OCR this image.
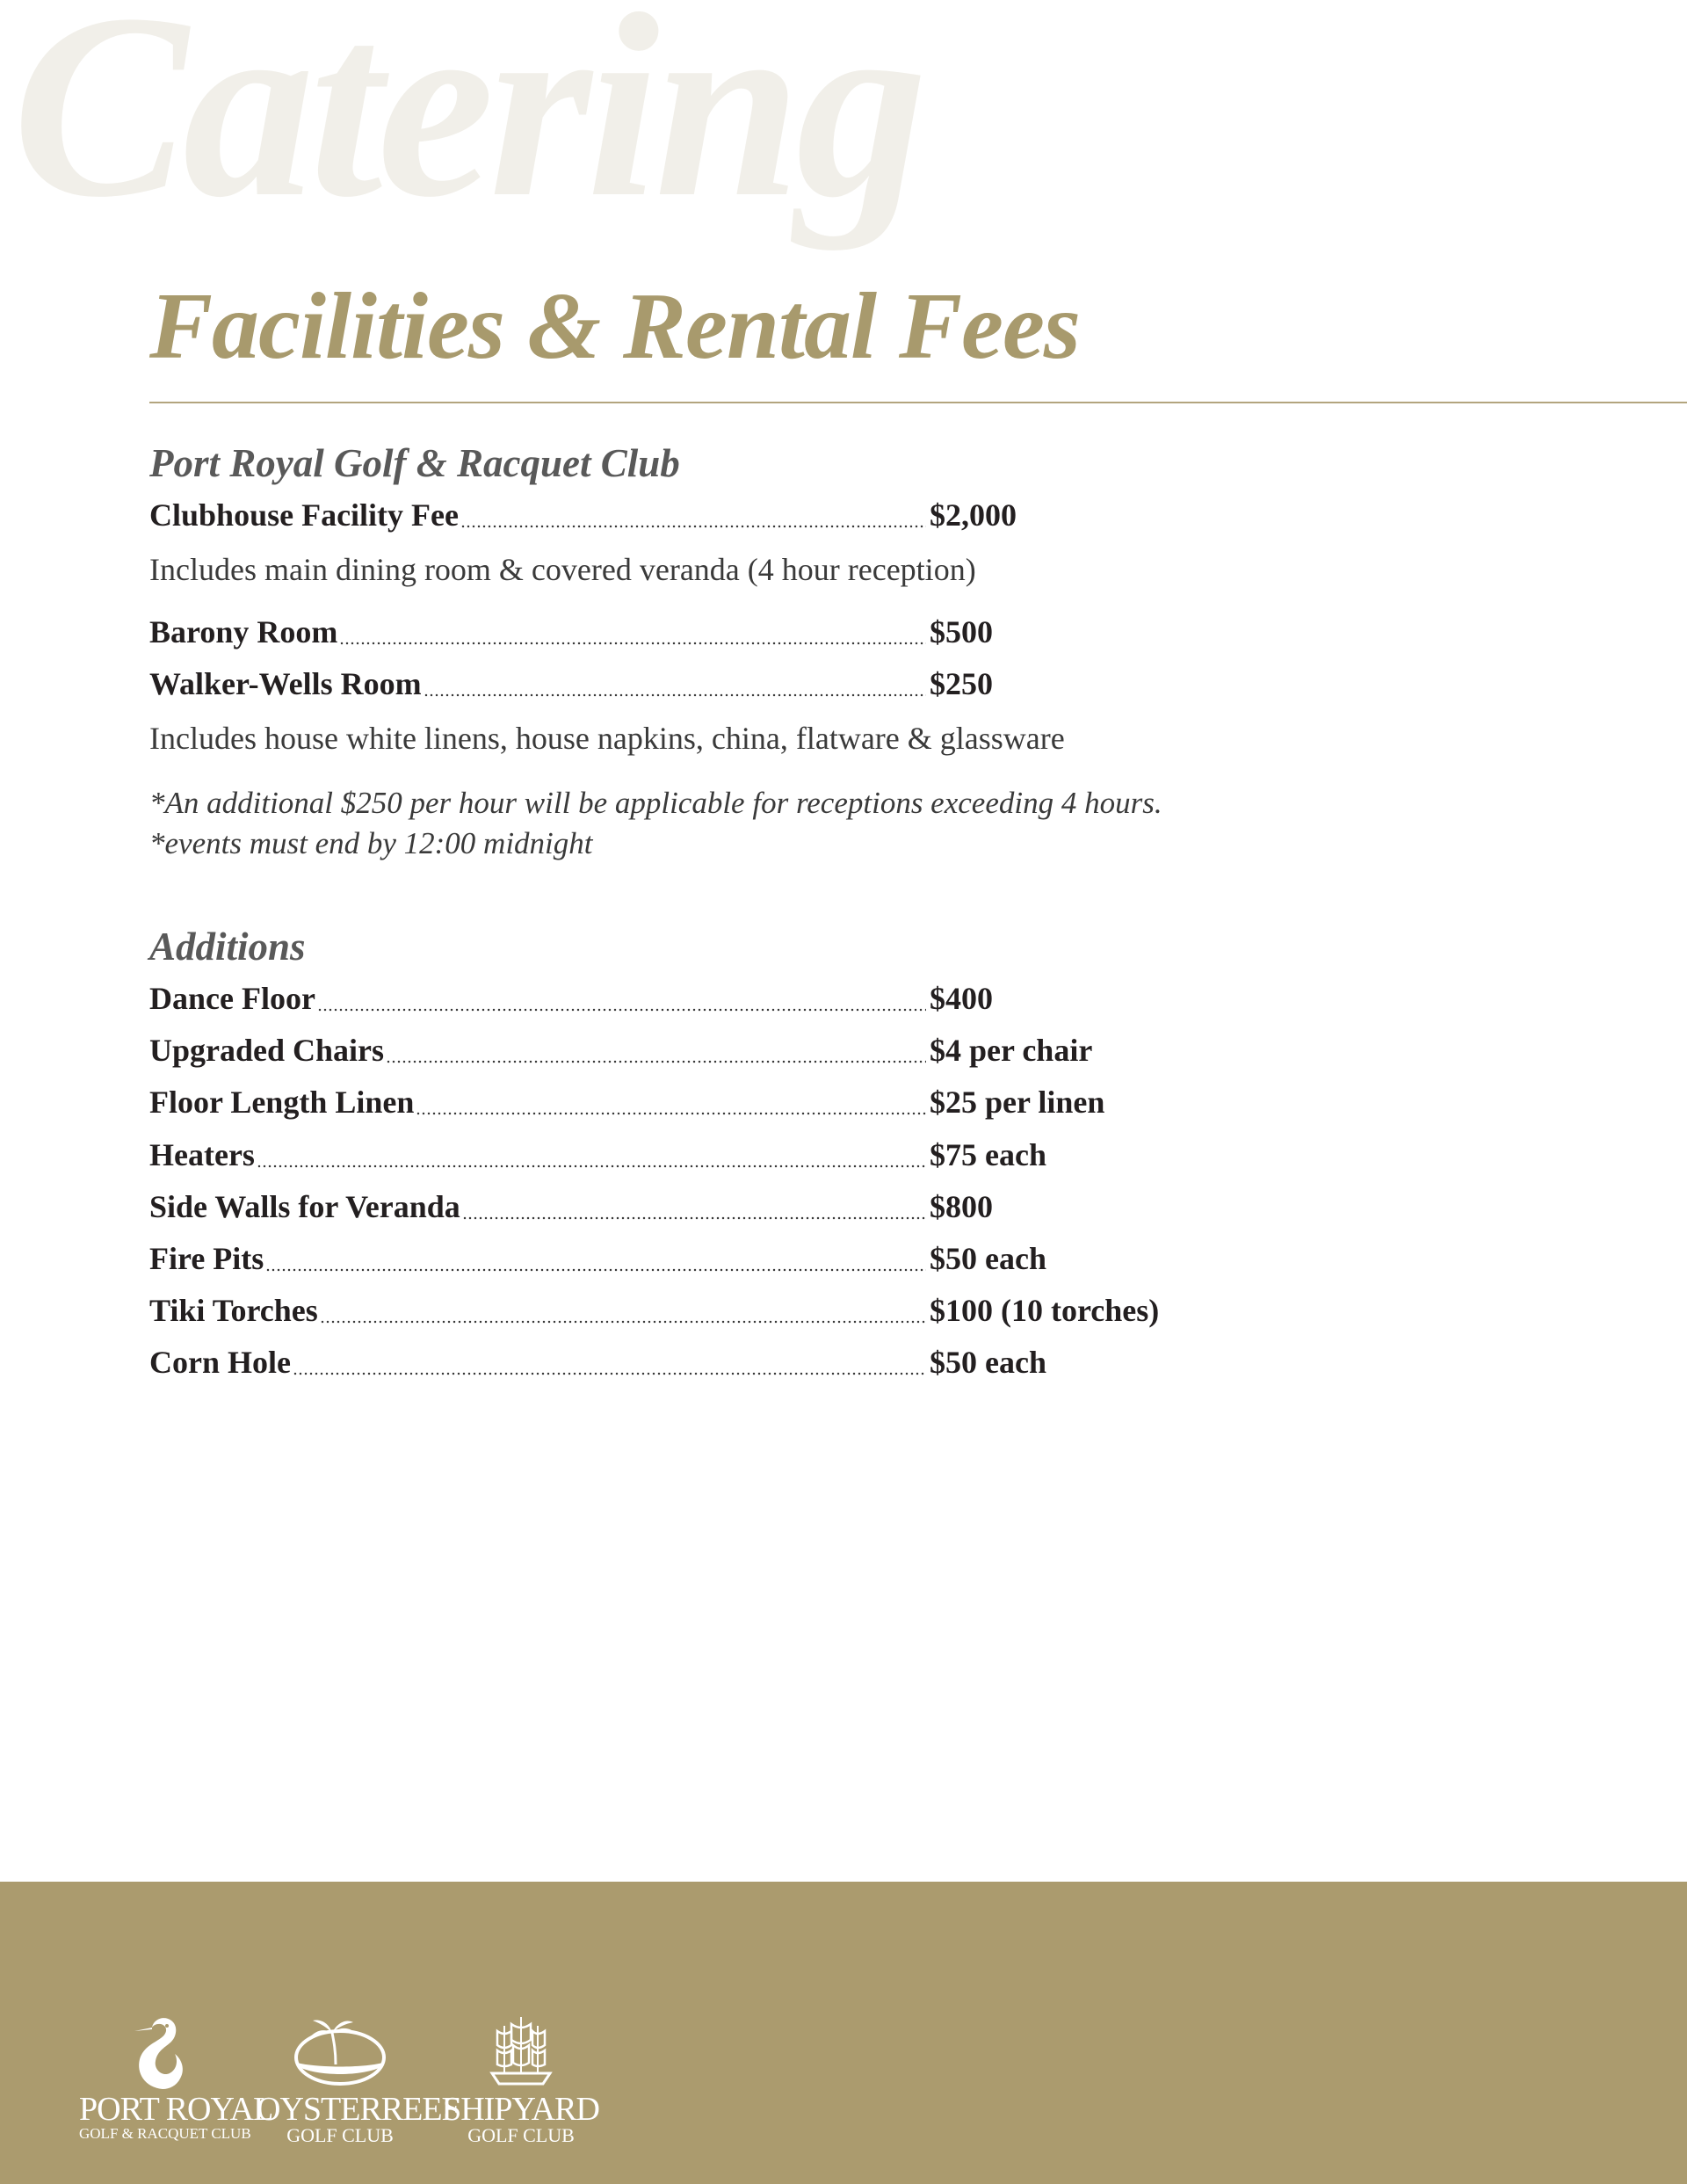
Catering
Facilities & Rental Fees
Port Royal Golf & Racquet Club
Clubhouse Facility Fee	$2,000
Includes main dining room & covered veranda (4 hour reception)
Barony Room	$500
Walker-Wells Room	$250
Includes house white linens, house napkins, china, flatware & glassware
*An additional $250 per hour will be applicable for receptions exceeding 4 hours.
*events must end by 12:00 midnight
Additions
Dance Floor	$400
Upgraded Chairs	$4 per chair
Floor Length Linen	$25 per linen
Heaters	$75 each
Side Walls for Veranda	$800
Fire Pits	$50 each
Tiki Torches	$100 (10 torches)
Corn Hole	$50 each
PORT ROYAL
GOLF & RACQUET CLUB
OYSTERREEF
GOLF CLUB
SHIPYARD
GOLF CLUB
